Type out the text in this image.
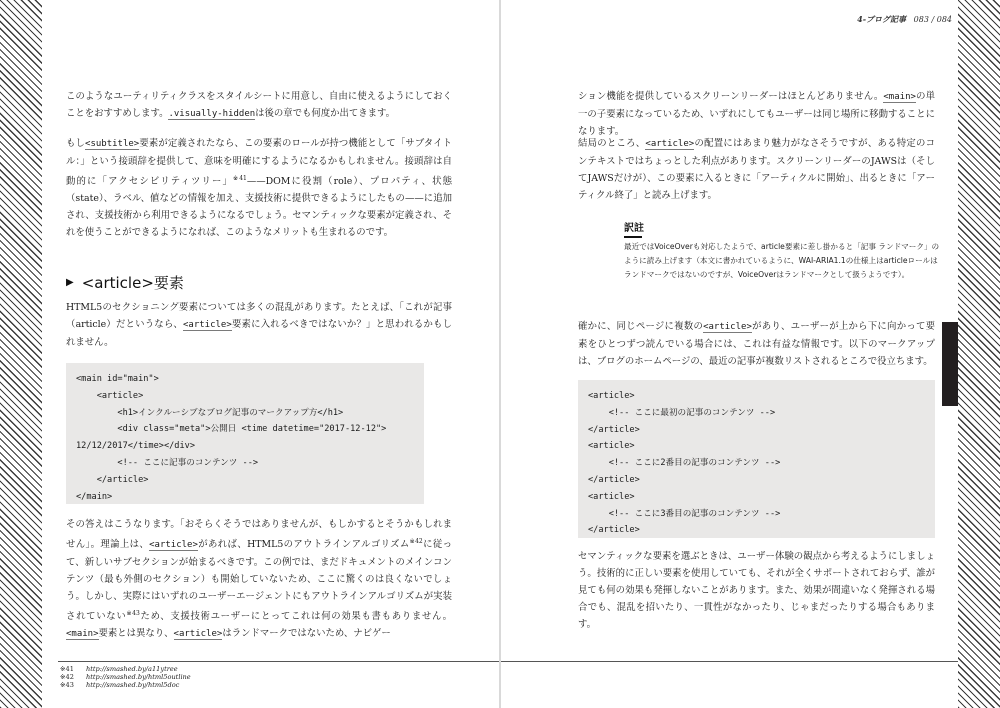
このようなユーティリティクラスをスタイルシートに用意し、自由に使えるようにしておくことをおすすめします。.visually-hiddenは後の章でも何度か出てきます。

もし<subtitle>要素が定義されたなら、この要素のロールが持つ機能として「サブタイトル：」という接頭辞を提供して、意味を明確にするようになるかもしれません。接頭辞は自動的に「アクセシビリティツリー」$^{※41}$——DOMに役割（role）、プロパティ、状態（state）、ラベル、値などの情報を加え、支援技術に提供できるようにしたもの——に追加され、支援技術から利用できるようになるでしょう。セマンティックな要素が定義され、それを使うことができるようになれば、このようなメリットも生まれるのです。

▶ <article>要素

HTML5のセクショニング要素については多くの混乱があります。たとえば、「これが記事（article）だというなら、<article>要素に入れるべきではないか？」と思われるかもしれません。

<main id="main">
<article>
<h1>インクルーシブなブログ記事のマークアップ方</h1>
<div class="meta">公開日 <time datetime="2017-12-12">
12/12/2017</time></div>
<!-- ここに記事のコンテンツ -->
</article>
</main>

その答えはこうなります。「おそらくそうではありませんが、もしかするとそうかもしれません」。理論上は、<article>があれば、HTML5のアウトラインアルゴリズム$^{※42}$に従って、新しいサブセクションが始まるべきです。この例では、まだドキュメントのメインコンテンツ（最も外側のセクション）も開始していないため、ここに驚くのは良くないでしょう。しかし、実際にはいずれのユーザーエージェントにもアウトラインアルゴリズムが実装されていない$^{※43}$ため、支援技術ユーザーにとってこれは何の効果も書もありません。<main>要素とは異なり、<article>はランドマークではないため、ナビゲー

※41 http://smashed.by/a11ytree
※42 http://smashed.by/html5outline
※43 http://smashed.by/html5doc
4-ブログ記事 083 / 084

ション機能を提供しているスクリーンリーダーはほとんどありません。<main>の単一の子要素になっているため、いずれにしてもユーザーは同じ場所に移動することになります。

結局のところ、<article>の配置にはあまり魅力がなさそうですが、ある特定のコンテキストではちょっとした利点があります。スクリーンリーダーのJAWSは（そしてJAWSだけが）、この要素に入るときに「アーティクルに開始」、出るときに「アーティクル終了」と読み上げます。

訳註
最近ではVoiceOverも対応したようで、article要素に差し掛かると「記事 ランドマーク」のように読み上げます（本文に書かれているように、WAI-ARIA1.1の仕様上はarticleロールはランドマークではないのですが、VoiceOverはランドマークとして扱うようです）。

確かに、同じページに複数の<article>があり、ユーザーが上から下に向かって要素をひとつずつ読んでいる場合には、これは有益な情報です。以下のマークアップは、ブログのホームページの、最近の記事が複数リストされるところで役立ちます。

<article>
<!-- ここに最初の記事のコンテンツ -->
</article>
<article>
<!-- ここに2番目の記事のコンテンツ -->
</article>
<article>
<!-- ここに3番目の記事のコンテンツ -->
</article>

セマンティックな要素を選ぶときは、ユーザー体験の観点から考えるようにしましょう。技術的に正しい要素を使用していても、それが全くサポートされておらず、誰が見ても何の効果も発揮しないことがあります。また、効果が間違いなく発揮される場合でも、混乱を招いたり、一貫性がなかったり、じゃまだったりする場合もあります。
